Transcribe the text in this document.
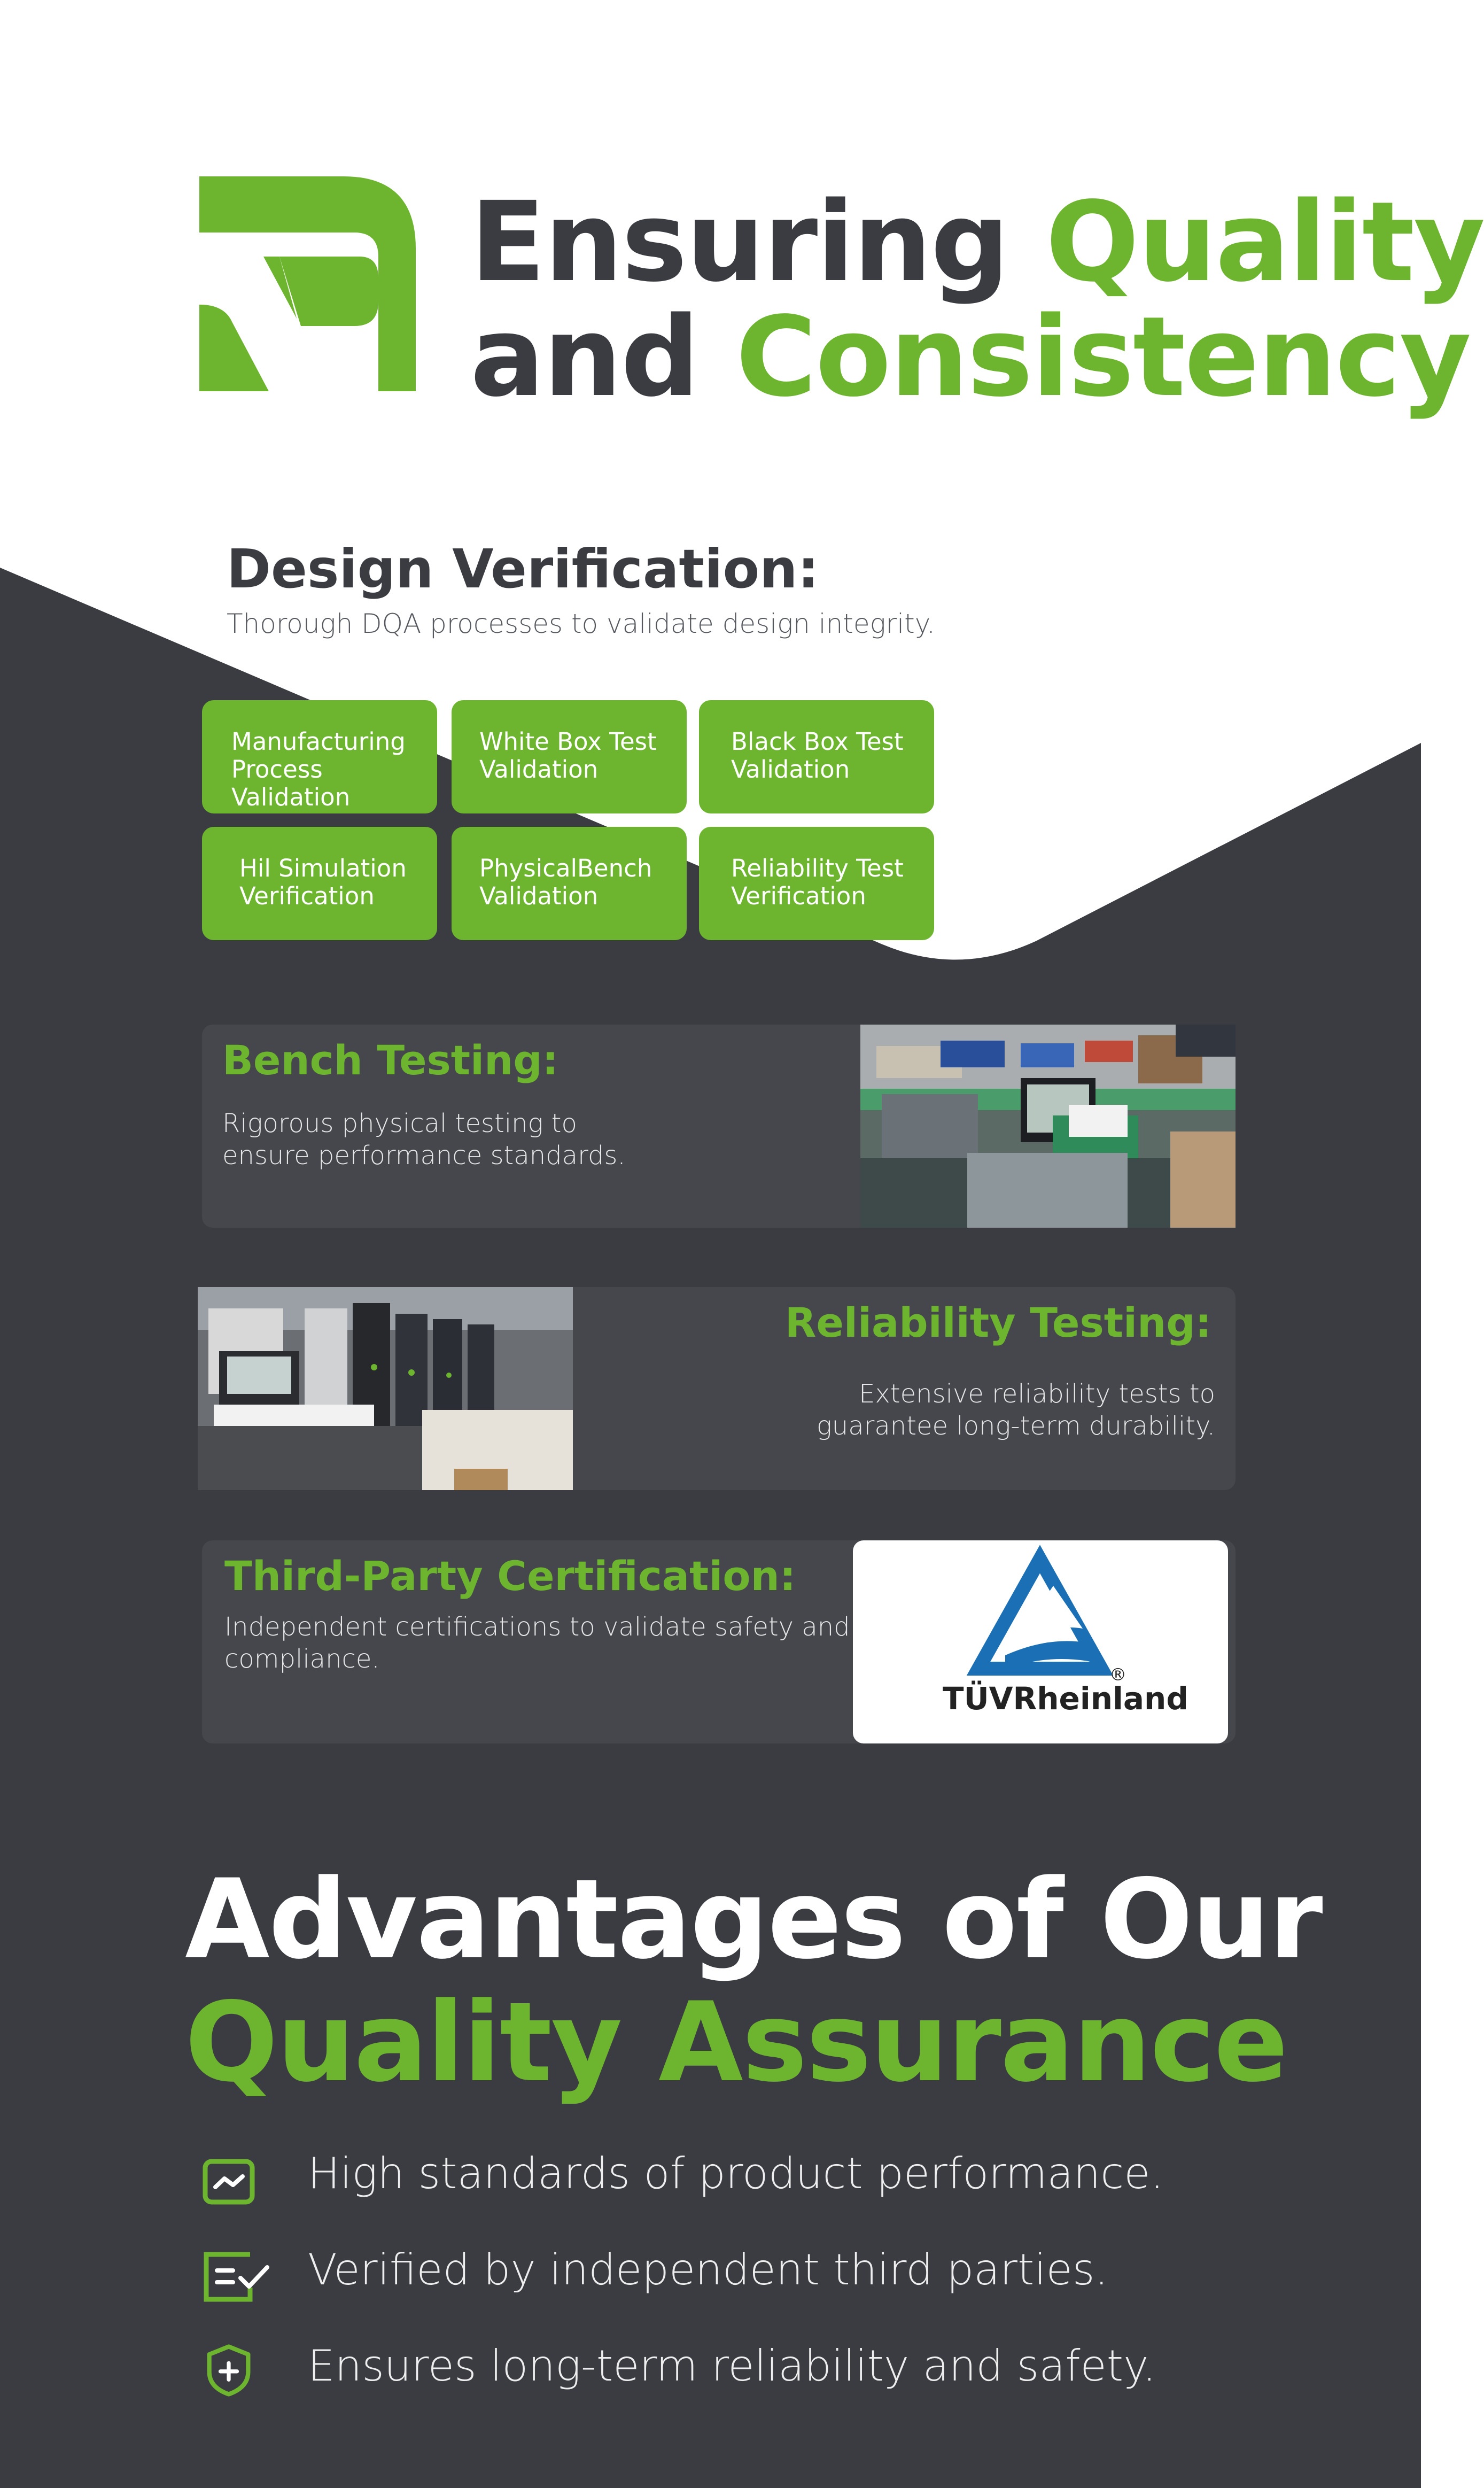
Ensuring Quality
and Consistency
Design Verification:
Thorough DQA processes to validate design integrity.
Manufacturing
Process Validation
White Box Test
Validation
Black Box Test
Validation
Hil Simulation
Verification
PhysicalBench
Validation
Reliability Test
Verification
Bench Testing:
Rigorous physical testing to
ensure performance standards.
Reliability Testing:
Extensive reliability tests to
guarantee long-term durability.
Third-Party Certification:
Independent certifications to validate safety and
compliance.
TÜVRheinland
®
Advantages of Our
Quality Assurance
High standards of product performance.
Verified by independent third parties.
Ensures long-term reliability and safety.
